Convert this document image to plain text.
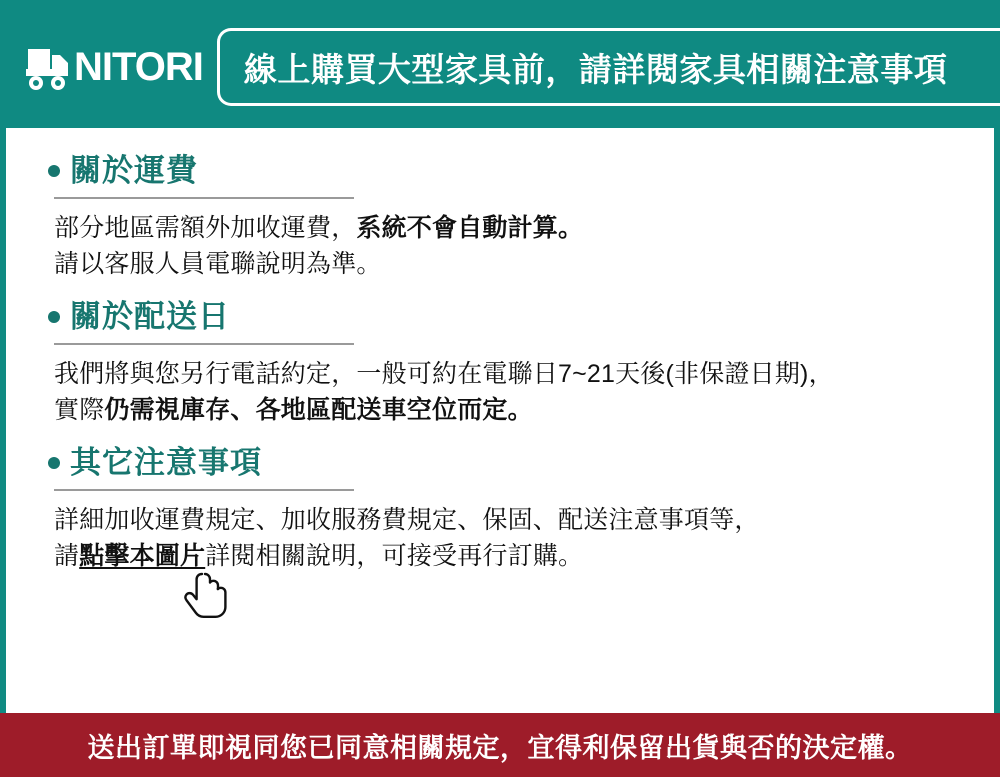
NITORI 線上購買大型家具前，請詳閱家具相關注意事項
關於運費
部分地區需額外加收運費，系統不會自動計算。
請以客服人員電聯說明為準。
關於配送日
我們將與您另行電話約定，一般可約在電聯日7~21天後(非保證日期)，
實際仍需視庫存、各地區配送車空位而定。
其它注意事項
詳細加收運費規定、加收服務費規定、保固、配送注意事項等，
請點擊本圖片詳閱相關說明，可接受再行訂購。
送出訂單即視同您已同意相關規定，宜得利保留出貨與否的決定權。
